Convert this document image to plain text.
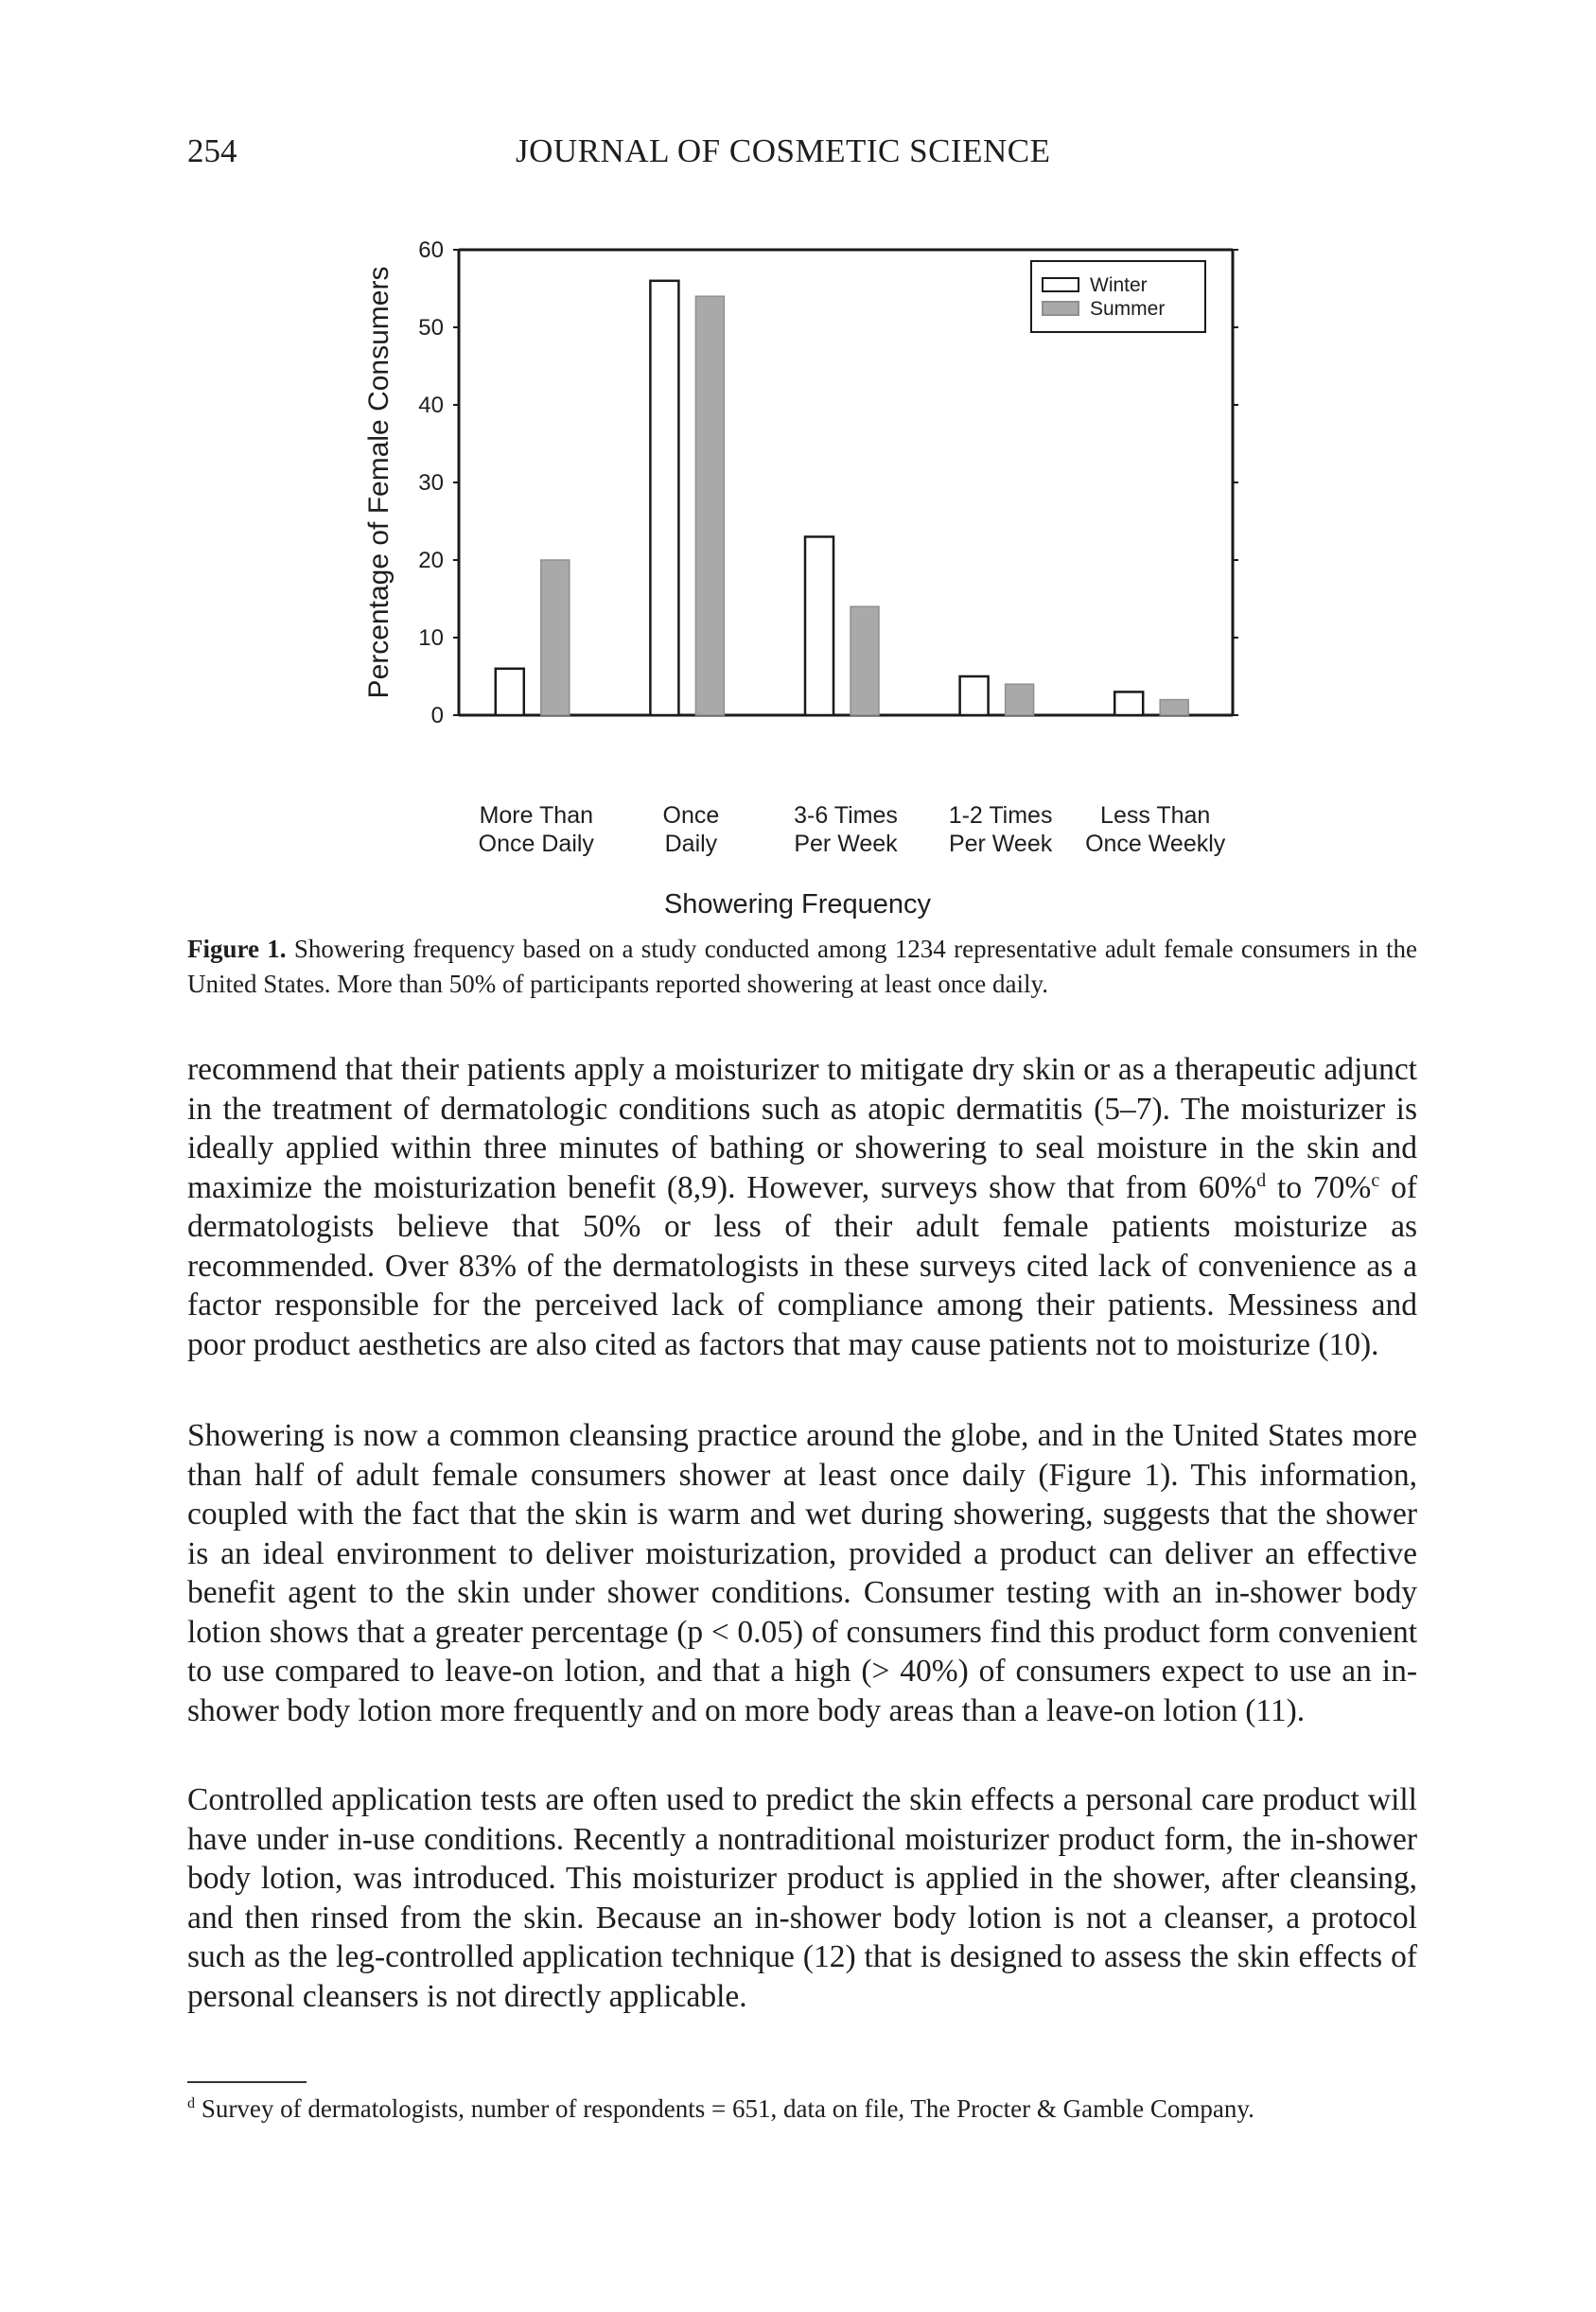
254	JOURNAL OF COSMETIC SCIENCE
0
10
20
30
40
50
60
More Than
Once Daily
Once
Daily
3-6 Times
Per Week
1-2 Times
Per Week
Less Than
Once Weekly
Percentage of Female Consumers
Showering Frequency
Winter
Summer
Figure 1. Showering frequency based on a study conducted among 1234 representative adult female consumers in the United States. More than 50% of participants reported showering at least once daily.

recommend that their patients apply a moisturizer to mitigate dry skin or as a therapeutic adjunct in the treatment of dermatologic conditions such as atopic dermatitis (5–7). The moisturizer is ideally applied within three minutes of bathing or showering to seal moisture in the skin and maximize the moisturization benefit (8,9). However, surveys show that from 60%$^d$ to 70%$^c$ of dermatologists believe that 50% or less of their adult female patients moisturize as recommended. Over 83% of the dermatologists in these surveys cited lack of convenience as a factor responsible for the perceived lack of compliance among their patients. Messiness and poor product aesthetics are also cited as factors that may cause patients not to moisturize (10).

Showering is now a common cleansing practice around the globe, and in the United States more than half of adult female consumers shower at least once daily (Figure 1). This information, coupled with the fact that the skin is warm and wet during showering, suggests that the shower is an ideal environment to deliver moisturization, provided a product can deliver an effective benefit agent to the skin under shower conditions. Consumer testing with an in-shower body lotion shows that a greater percentage (p < 0.05) of consumers find this product form convenient to use compared to leave-on lotion, and that a high (> 40%) of consumers expect to use an in-shower body lotion more frequently and on more body areas than a leave-on lotion (11).

Controlled application tests are often used to predict the skin effects a personal care product will have under in-use conditions. Recently a nontraditional moisturizer product form, the in-shower body lotion, was introduced. This moisturizer product is applied in the shower, after cleansing, and then rinsed from the skin. Because an in-shower body lotion is not a cleanser, a protocol such as the leg-controlled application technique (12) that is designed to assess the skin effects of personal cleansers is not directly applicable.

$^d$ Survey of dermatologists, number of respondents = 651, data on file, The Procter & Gamble Company.
